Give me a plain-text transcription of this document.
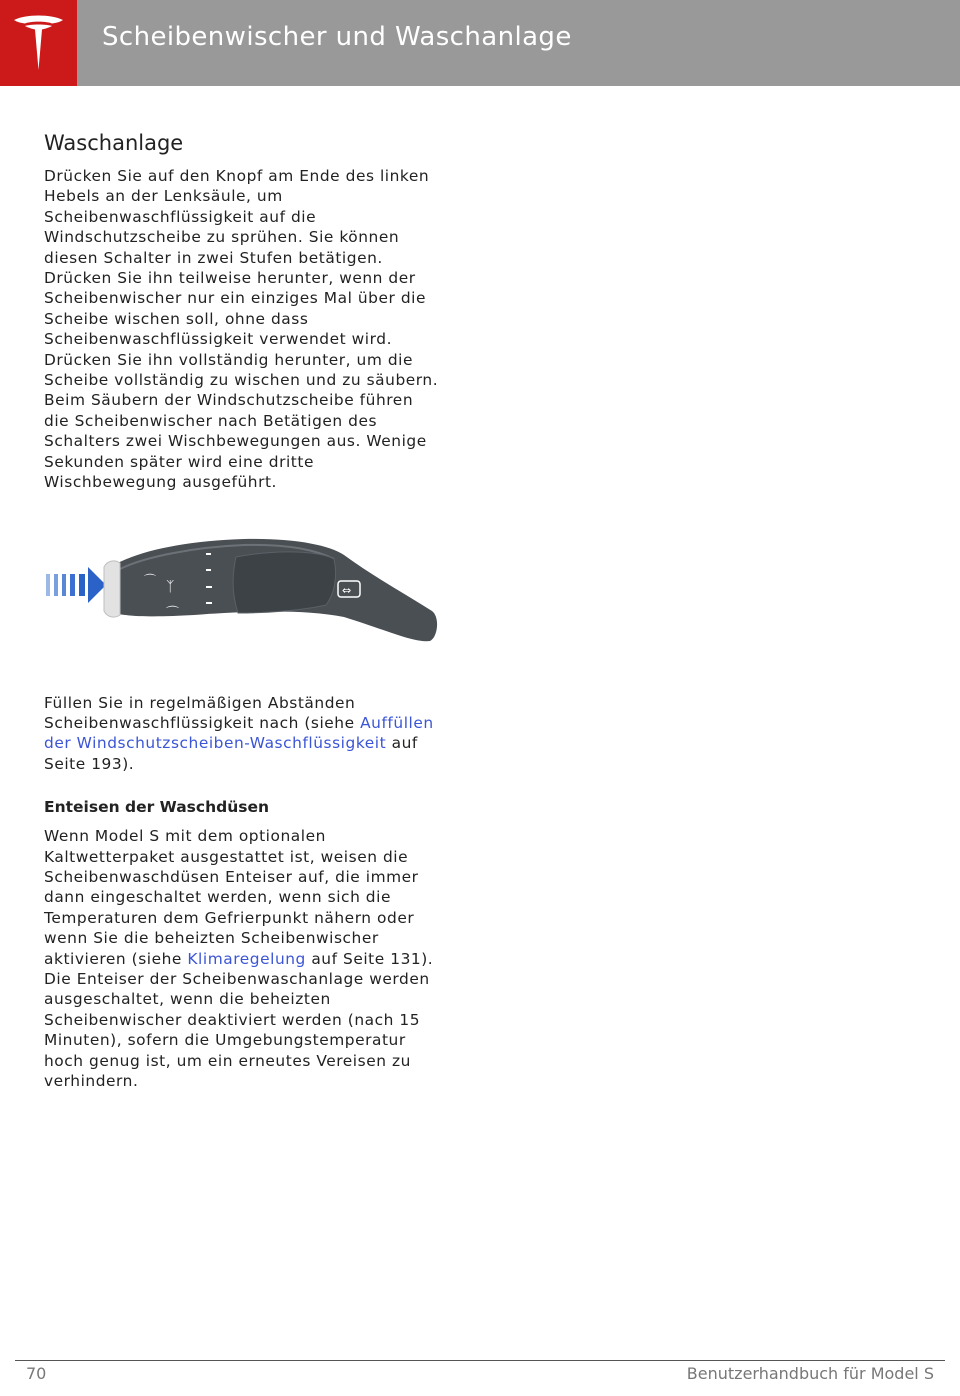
Scheibenwischer und Waschanlage
Waschanlage

Drücken Sie auf den Knopf am Ende des linken Hebels an der Lenksäule, um Scheibenwaschflüssigkeit auf die Windschutzscheibe zu sprühen. Sie können diesen Schalter in zwei Stufen betätigen. Drücken Sie ihn teilweise herunter, wenn der Scheibenwischer nur ein einziges Mal über die Scheibe wischen soll, ohne dass Scheibenwaschflüssigkeit verwendet wird. Drücken Sie ihn vollständig herunter, um die Scheibe vollständig zu wischen und zu säubern. Beim Säubern der Windschutzscheibe führen die Scheibenwischer nach Betätigen des Schalters zwei Wischbewegungen aus. Wenige Sekunden später wird eine dritte Wischbewegung ausgeführt.

⌒ ᛉ
⌒
⇔

Füllen Sie in regelmäßigen Abständen Scheibenwaschflüssigkeit nach (siehe Auffüllen der Windschutzscheiben-Waschflüssigkeit auf Seite 193).

Enteisen der Waschdüsen

Wenn Model S mit dem optionalen Kaltwetterpaket ausgestattet ist, weisen die Scheibenwaschdüsen Enteiser auf, die immer dann eingeschaltet werden, wenn sich die Temperaturen dem Gefrierpunkt nähern oder wenn Sie die beheizten Scheibenwischer aktivieren (siehe Klimaregelung auf Seite 131). Die Enteiser der Scheibenwaschanlage werden ausgeschaltet, wenn die beheizten Scheibenwischer deaktiviert werden (nach 15 Minuten), sofern die Umgebungstemperatur hoch genug ist, um ein erneutes Vereisen zu verhindern.

70	Benutzerhandbuch für Model S
